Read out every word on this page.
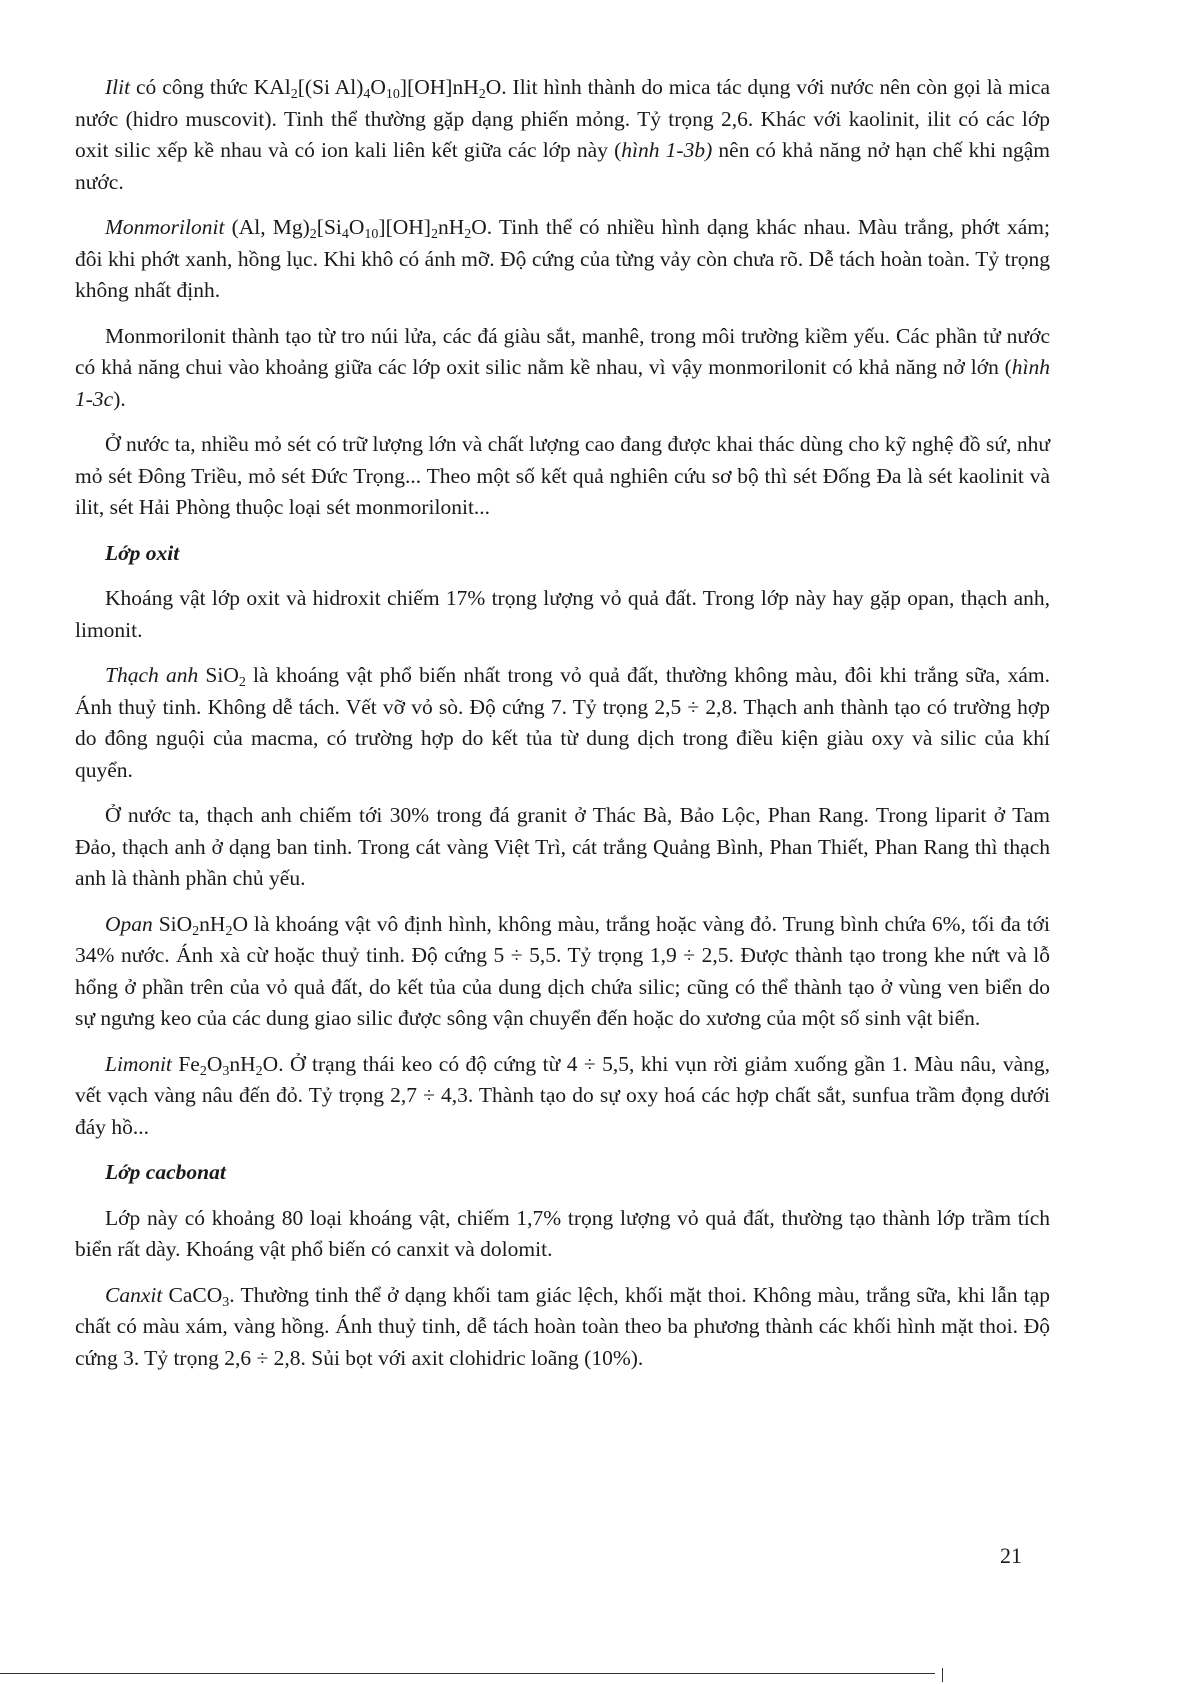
Ilit có công thức KAl$_2$[(Si $Al)_4O_{10}][OH]nH_2O$. Ilit hình thành do mica tác dụng với nước nên còn gọi là mica nước (hidro muscovit). Tinh thể thường gặp dạng phiến mỏng. Tỷ trọng 2,6. Khác với kaolinit, ilit có các lớp oxit silic xếp kề nhau và có ion kali liên kết giữa các lớp này (hình 1-3b) nên có khả năng nở hạn chế khi ngậm nước.

Monmorilonit (Al, $Mg)_2[Si_4O_{10}][OH]_2nH_2O$. Tinh thể có nhiều hình dạng khác nhau. Màu trắng, phớt xám; đôi khi phớt xanh, hồng lục. Khi khô có ánh mỡ. Độ cứng của từng vảy còn chưa rõ. Dễ tách hoàn toàn. Tỷ trọng không nhất định.

Monmorilonit thành tạo từ tro núi lửa, các đá giàu sắt, manhê, trong môi trường kiềm yếu. Các phần tử nước có khả năng chui vào khoảng giữa các lớp oxit silic nằm kề nhau, vì vậy monmorilonit có khả năng nở lớn (hình 1-3c).

Ở nước ta, nhiều mỏ sét có trữ lượng lớn và chất lượng cao đang được khai thác dùng cho kỹ nghệ đồ sứ, như mỏ sét Đông Triều, mỏ sét Đức Trọng... Theo một số kết quả nghiên cứu sơ bộ thì sét Đống Đa là sét kaolinit và ilit, sét Hải Phòng thuộc loại sét monmorilonit...

Lớp oxit

Khoáng vật lớp oxit và hidroxit chiếm 17% trọng lượng vỏ quả đất. Trong lớp này hay gặp opan, thạch anh, limonit.

Thạch anh SiO$_2$ là khoáng vật phổ biến nhất trong vỏ quả đất, thường không màu, đôi khi trắng sữa, xám. Ánh thuỷ tinh. Không dễ tách. Vết vỡ vỏ sò. Độ cứng 7. Tỷ trọng 2,5 ÷ 2,8. Thạch anh thành tạo có trường hợp do đông nguội của macma, có trường hợp do kết tủa từ dung dịch trong điều kiện giàu oxy và silic của khí quyển.

Ở nước ta, thạch anh chiếm tới 30% trong đá granit ở Thác Bà, Bảo Lộc, Phan Rang. Trong liparit ở Tam Đảo, thạch anh ở dạng ban tinh. Trong cát vàng Việt Trì, cát trắng Quảng Bình, Phan Thiết, Phan Rang thì thạch anh là thành phần chủ yếu.

Opan $SiO_2nH_2O$ là khoáng vật vô định hình, không màu, trắng hoặc vàng đỏ. Trung bình chứa 6%, tối đa tới 34% nước. Ánh xà cừ hoặc thuỷ tinh. Độ cứng 5 ÷ 5,5. Tỷ trọng 1,9 ÷ 2,5. Được thành tạo trong khe nứt và lỗ hổng ở phần trên của vỏ quả đất, do kết tủa của dung dịch chứa silic; cũng có thể thành tạo ở vùng ven biển do sự ngưng keo của các dung giao silic được sông vận chuyển đến hoặc do xương của một số sinh vật biển.

Limonit $Fe_2O_3nH_2O$. Ở trạng thái keo có độ cứng từ 4 ÷ 5,5, khi vụn rời giảm xuống gần 1. Màu nâu, vàng, vết vạch vàng nâu đến đỏ. Tỷ trọng 2,7 ÷ 4,3. Thành tạo do sự oxy hoá các hợp chất sắt, sunfua trầm đọng dưới đáy hồ...

Lớp cacbonat

Lớp này có khoảng 80 loại khoáng vật, chiếm 1,7% trọng lượng vỏ quả đất, thường tạo thành lớp trầm tích biển rất dày. Khoáng vật phổ biến có canxit và dolomit.

Canxit CaCO$_3$. Thường tinh thể ở dạng khối tam giác lệch, khối mặt thoi. Không màu, trắng sữa, khi lẫn tạp chất có màu xám, vàng hồng. Ánh thuỷ tinh, dễ tách hoàn toàn theo ba phương thành các khối hình mặt thoi. Độ cứng 3. Tỷ trọng 2,6 ÷ 2,8. Sủi bọt với axit clohidric loãng (10%).

21
